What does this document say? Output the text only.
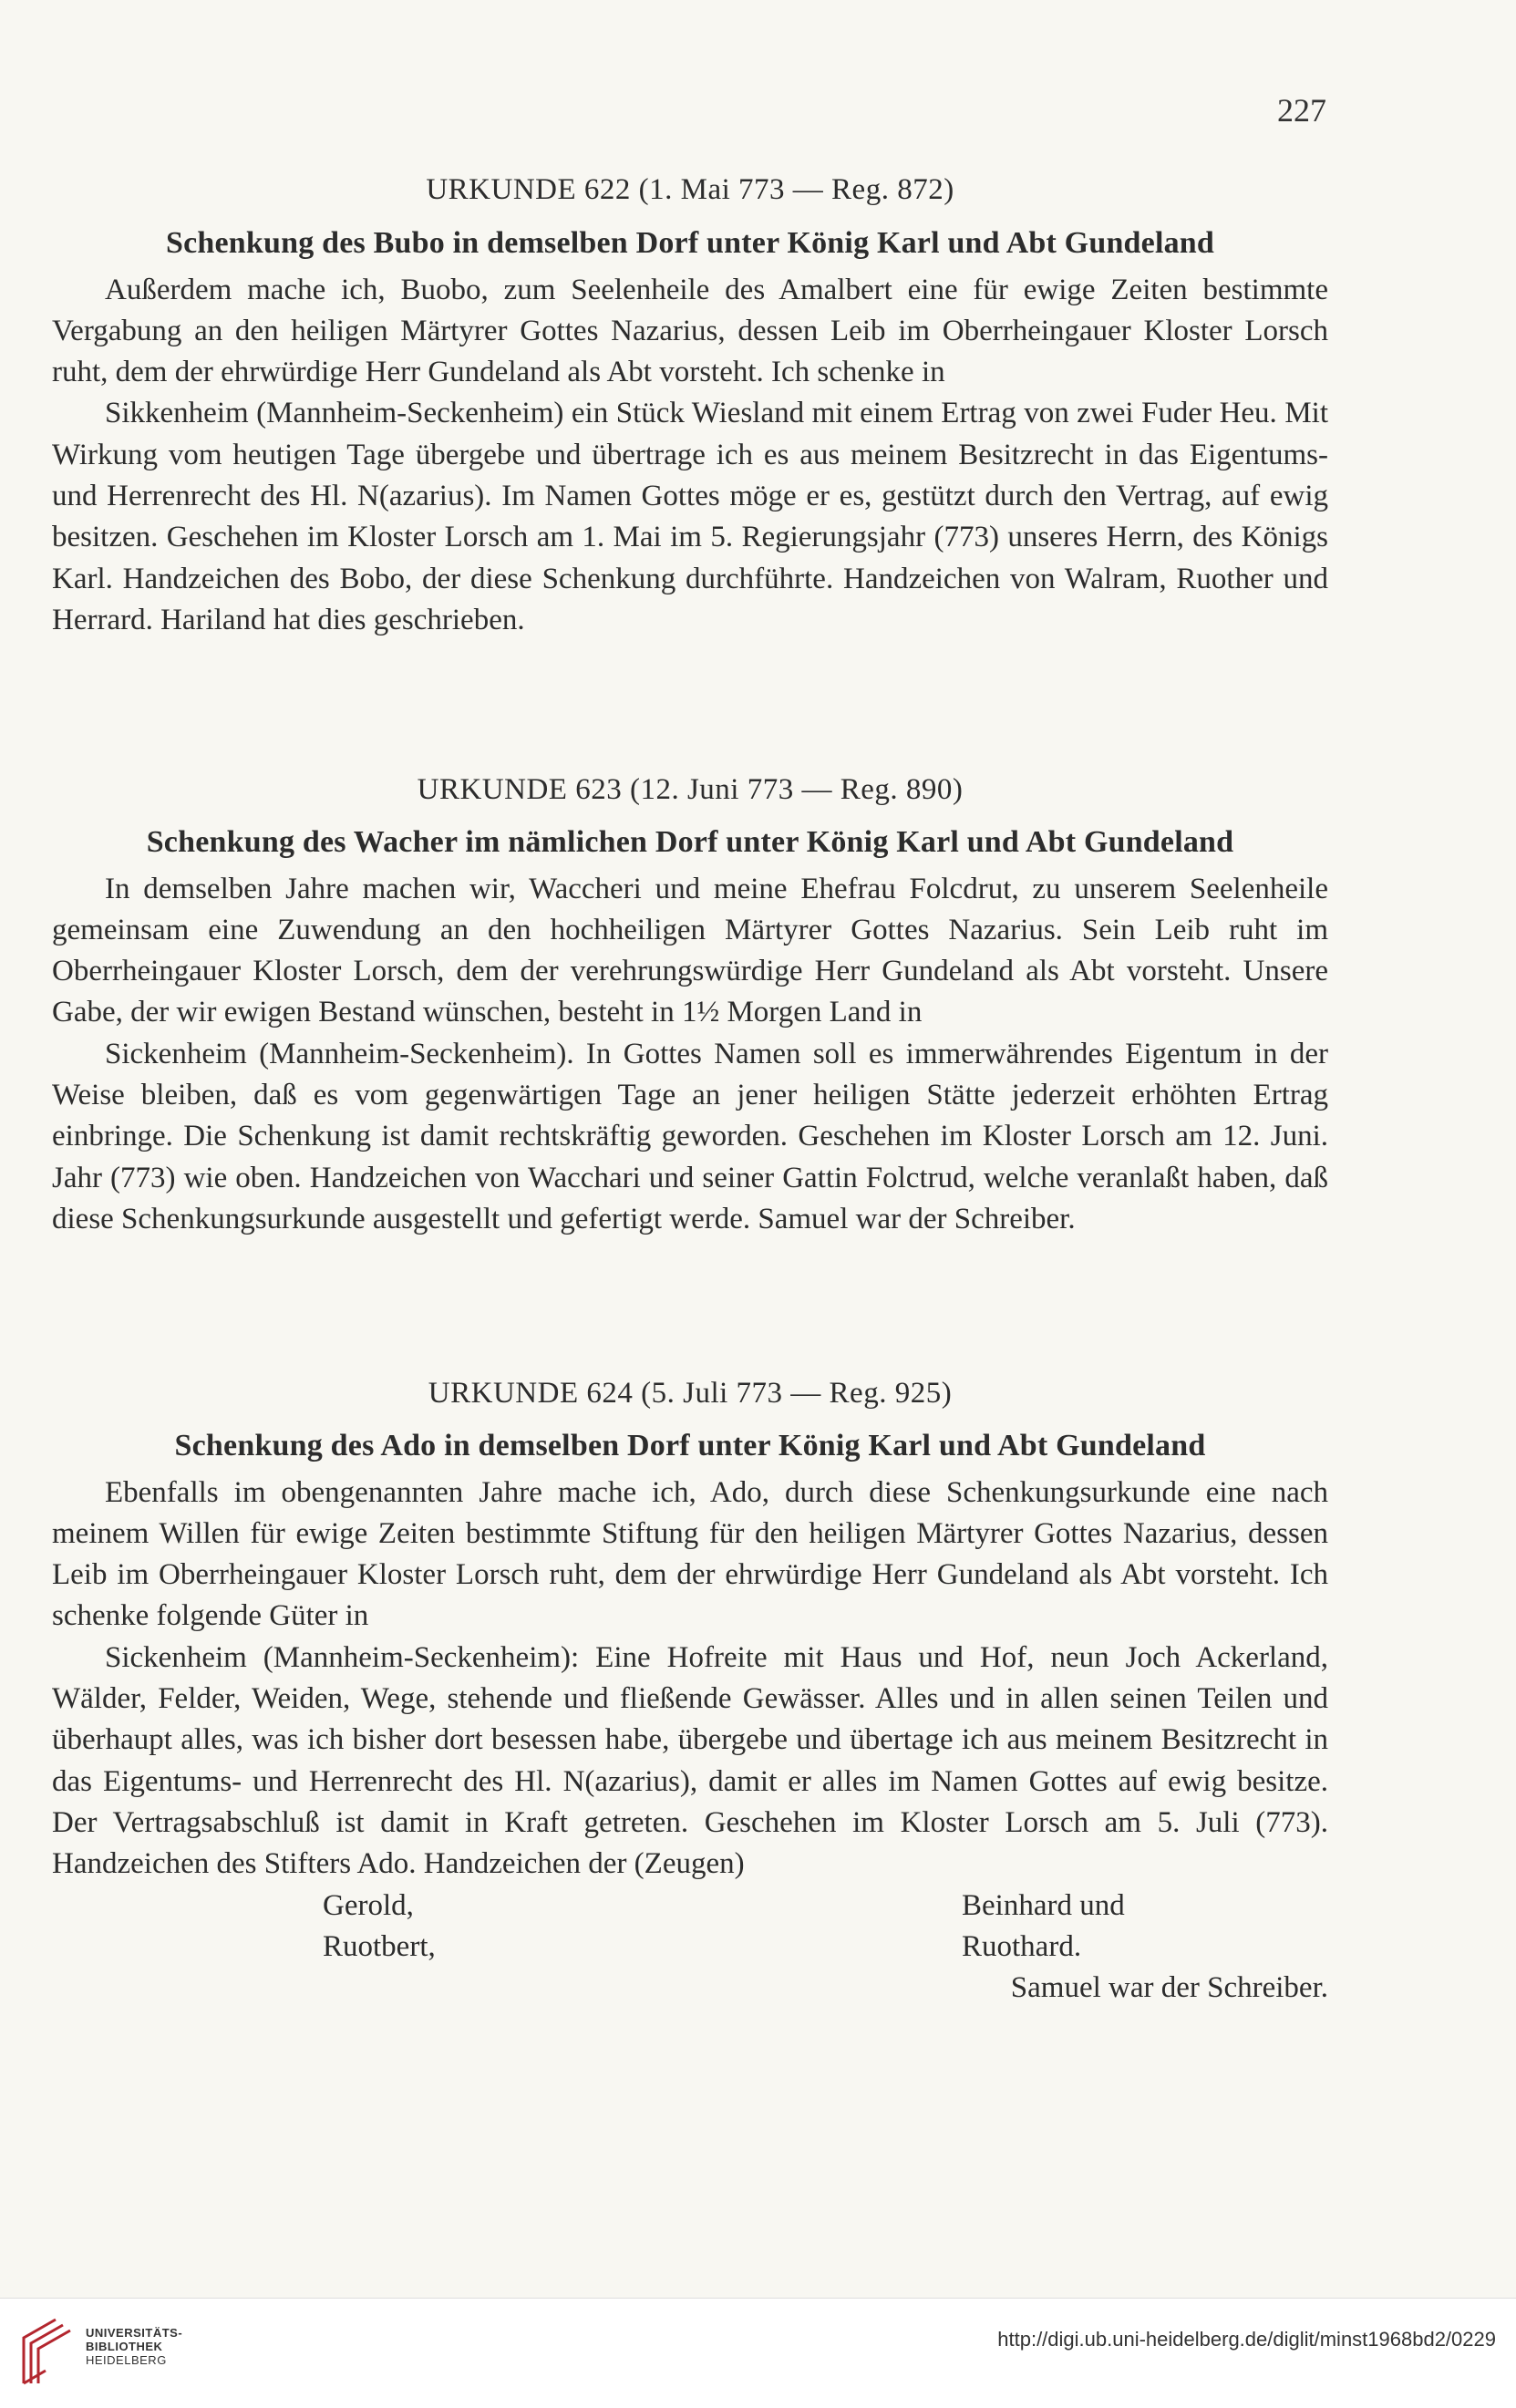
227
URKUNDE 622 (1. Mai 773 — Reg. 872)
Schenkung des Bubo in demselben Dorf unter König Karl und Abt Gundeland

Außerdem mache ich, Buobo, zum Seelenheile des Amalbert eine für ewige Zeiten bestimmte Vergabung an den heiligen Märtyrer Gottes Nazarius, dessen Leib im Oberrheingauer Kloster Lorsch ruht, dem der ehrwürdige Herr Gundeland als Abt vorsteht. Ich schenke in

Sikkenheim (Mannheim-Seckenheim) ein Stück Wiesland mit einem Ertrag von zwei Fuder Heu. Mit Wirkung vom heutigen Tage übergebe und übertrage ich es aus meinem Besitzrecht in das Eigentums- und Herrenrecht des Hl. N(azarius). Im Namen Gottes möge er es, gestützt durch den Vertrag, auf ewig besitzen. Geschehen im Kloster Lorsch am 1. Mai im 5. Regierungsjahr (773) unseres Herrn, des Königs Karl. Handzeichen des Bobo, der diese Schenkung durchführte. Handzeichen von Walram, Ruother und Herrard. Hariland hat dies geschrieben.

URKUNDE 623 (12. Juni 773 — Reg. 890)
Schenkung des Wacher im nämlichen Dorf unter König Karl und Abt Gundeland

In demselben Jahre machen wir, Waccheri und meine Ehefrau Folcdrut, zu unserem Seelenheile gemeinsam eine Zuwendung an den hochheiligen Märtyrer Gottes Nazarius. Sein Leib ruht im Oberrheingauer Kloster Lorsch, dem der verehrungswürdige Herr Gundeland als Abt vorsteht. Unsere Gabe, der wir ewigen Bestand wünschen, besteht in 1½ Morgen Land in

Sickenheim (Mannheim-Seckenheim). In Gottes Namen soll es immerwährendes Eigentum in der Weise bleiben, daß es vom gegenwärtigen Tage an jener heiligen Stätte jederzeit erhöhten Ertrag einbringe. Die Schenkung ist damit rechtskräftig geworden. Geschehen im Kloster Lorsch am 12. Juni. Jahr (773) wie oben. Handzeichen von Wacchari und seiner Gattin Folctrud, welche veranlaßt haben, daß diese Schenkungsurkunde ausgestellt und gefertigt werde. Samuel war der Schreiber.

URKUNDE 624 (5. Juli 773 — Reg. 925)
Schenkung des Ado in demselben Dorf unter König Karl und Abt Gundeland

Ebenfalls im obengenannten Jahre mache ich, Ado, durch diese Schenkungsurkunde eine nach meinem Willen für ewige Zeiten bestimmte Stiftung für den heiligen Märtyrer Gottes Nazarius, dessen Leib im Oberrheingauer Kloster Lorsch ruht, dem der ehrwürdige Herr Gundeland als Abt vorsteht. Ich schenke folgende Güter in

Sickenheim (Mannheim-Seckenheim): Eine Hofreite mit Haus und Hof, neun Joch Ackerland, Wälder, Felder, Weiden, Wege, stehende und fließende Gewässer. Alles und in allen seinen Teilen und überhaupt alles, was ich bisher dort besessen habe, übergebe und übertage ich aus meinem Besitzrecht in das Eigentums- und Herrenrecht des Hl. N(azarius), damit er alles im Namen Gottes auf ewig besitze. Der Vertragsabschluß ist damit in Kraft getreten. Geschehen im Kloster Lorsch am 5. Juli (773). Handzeichen des Stifters Ado. Handzeichen der (Zeugen)

Gerold,	Beinhard und
Ruotbert,	Ruothard.
Samuel war der Schreiber.
UNIVERSITÄTS-
BIBLIOTHEK
HEIDELBERG
http://digi.ub.uni-heidelberg.de/diglit/minst1968bd2/0229
